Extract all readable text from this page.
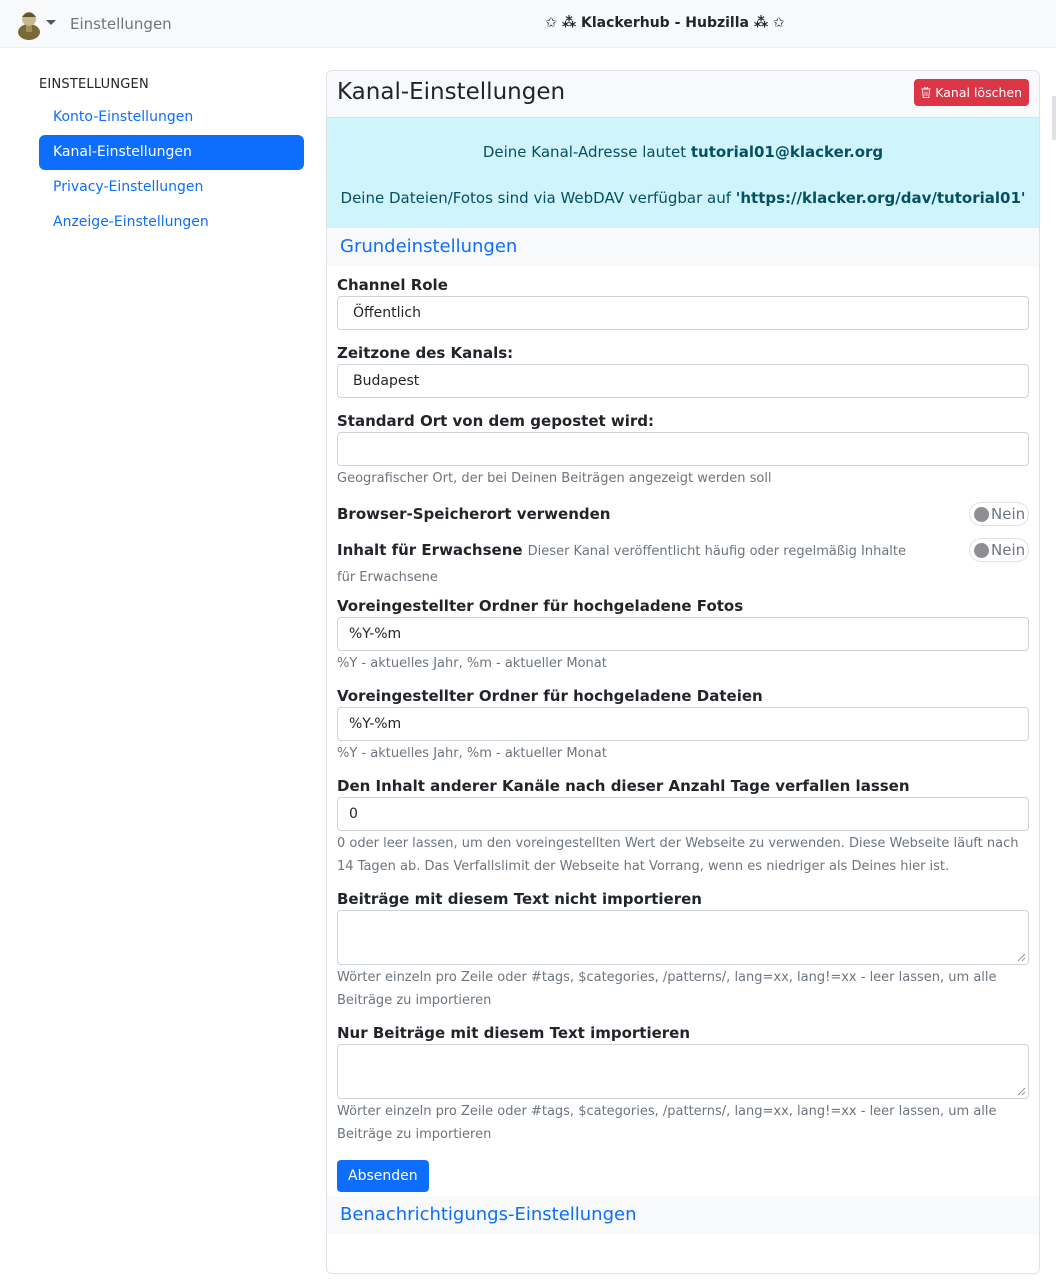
Einstellungen	✩ ⁂ Klackerhub - Hubzilla ⁂ ✩
EINSTELLUNGEN
Konto-Einstellungen
Kanal-Einstellungen
Privacy-Einstellungen
Anzeige-Einstellungen
Kanal-Einstellungen	Kanal löschen
Deine Kanal-Adresse lautet tutorial01@klacker.org
Deine Dateien/Fotos sind via WebDAV verfügbar auf 'https://klacker.org/dav/tutorial01'
Grundeinstellungen
Channel Role
Öffentlich
Zeitzone des Kanals:
Budapest
Standard Ort von dem gepostet wird:
Geografischer Ort, der bei Deinen Beiträgen angezeigt werden soll
Browser-Speicherort verwenden	Nein
Inhalt für Erwachsene Dieser Kanal veröffentlicht häufig oder regelmäßig Inhalte für Erwachsene
Nein
Voreingestellter Ordner für hochgeladene Fotos
%Y-%m
%Y - aktuelles Jahr, %m - aktueller Monat
Voreingestellter Ordner für hochgeladene Dateien
%Y-%m
%Y - aktuelles Jahr, %m - aktueller Monat
Den Inhalt anderer Kanäle nach dieser Anzahl Tage verfallen lassen
0
0 oder leer lassen, um den voreingestellten Wert der Webseite zu verwenden. Diese Webseite läuft nach 14 Tagen ab. Das Verfallslimit der Webseite hat Vorrang, wenn es niedriger als Deines hier ist.
Beiträge mit diesem Text nicht importieren
Wörter einzeln pro Zeile oder #tags, $categories, /patterns/, lang=xx, lang!=xx - leer lassen, um alle Beiträge zu importieren
Nur Beiträge mit diesem Text importieren
Wörter einzeln pro Zeile oder #tags, $categories, /patterns/, lang=xx, lang!=xx - leer lassen, um alle Beiträge zu importieren
Absenden
Benachrichtigungs-Einstellungen
